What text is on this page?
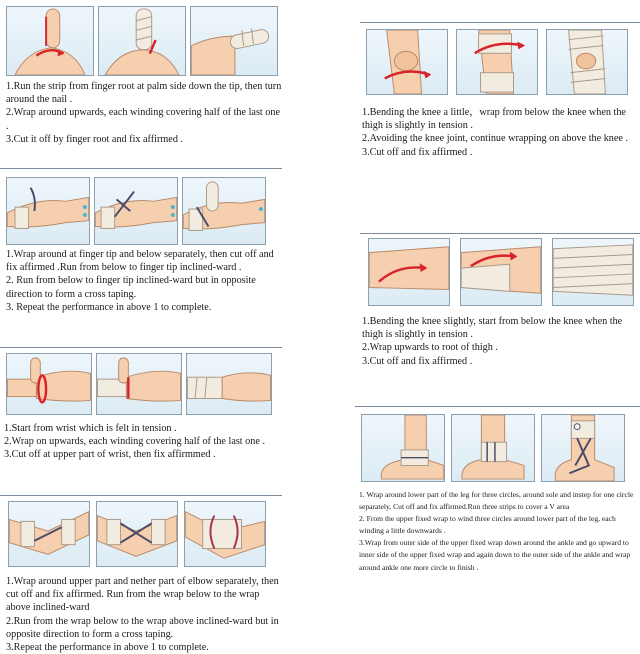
1.Run the strip from finger root at palm side down the tip, then turn around the nail .

2.Wrap around upwards, each winding covering half of the last one .

3.Cut it off by finger root and fix affirmed .

1.Wrap around at finger tip and below separately, then cut off and fix affirmed .Run from below to finger tip inclined-ward .

2. Run from below to finger tip inclined-ward but in opposite direction to form a cross taping.

3. Repeat the performance in above 1 to complete.

1.Start from wrist which is felt in tension .

2.Wrap on upwards, each winding covering half of the last one .

3.Cut off at upper part of wrist, then fix affirmmed .

1.Wrap around upper part and nether part of elbow separately, then cut off and fix affirmed. Run from the wrap below to the wrap above inclined-ward

2.Run from the wrap below to the wrap above inclined-ward but in opposite direction to form a cross taping.

3.Repeat the performance in above 1 to complete.

1.Bending the knee a little，wrap from below the knee when the thigh is slightly in tension .

2.Avoiding the knee joint, continue wrapping on above the knee .

3.Cut off and fix affirmed .

1.Bending the knee slightly, start from below the knee when the thigh is slightly in tension .

2.Wrap upwards to root of thigh .

3.Cut off and fix affirmed .

1. Wrap around lower part of the leg for three circles, around sole and instep for one circle separately, Cut off and fix affirmed.Run three strips to cover a V area

2. From the upper fixed wrap to wind three circles around lower part of the leg, each winding a little downwards .

3.Wrap from outer side of the upper fixed wrap down around the ankle and go upward to inner side of the upper fixed wrap and again down to the outer side of the ankle and wrap around ankle one more circle to finish .
